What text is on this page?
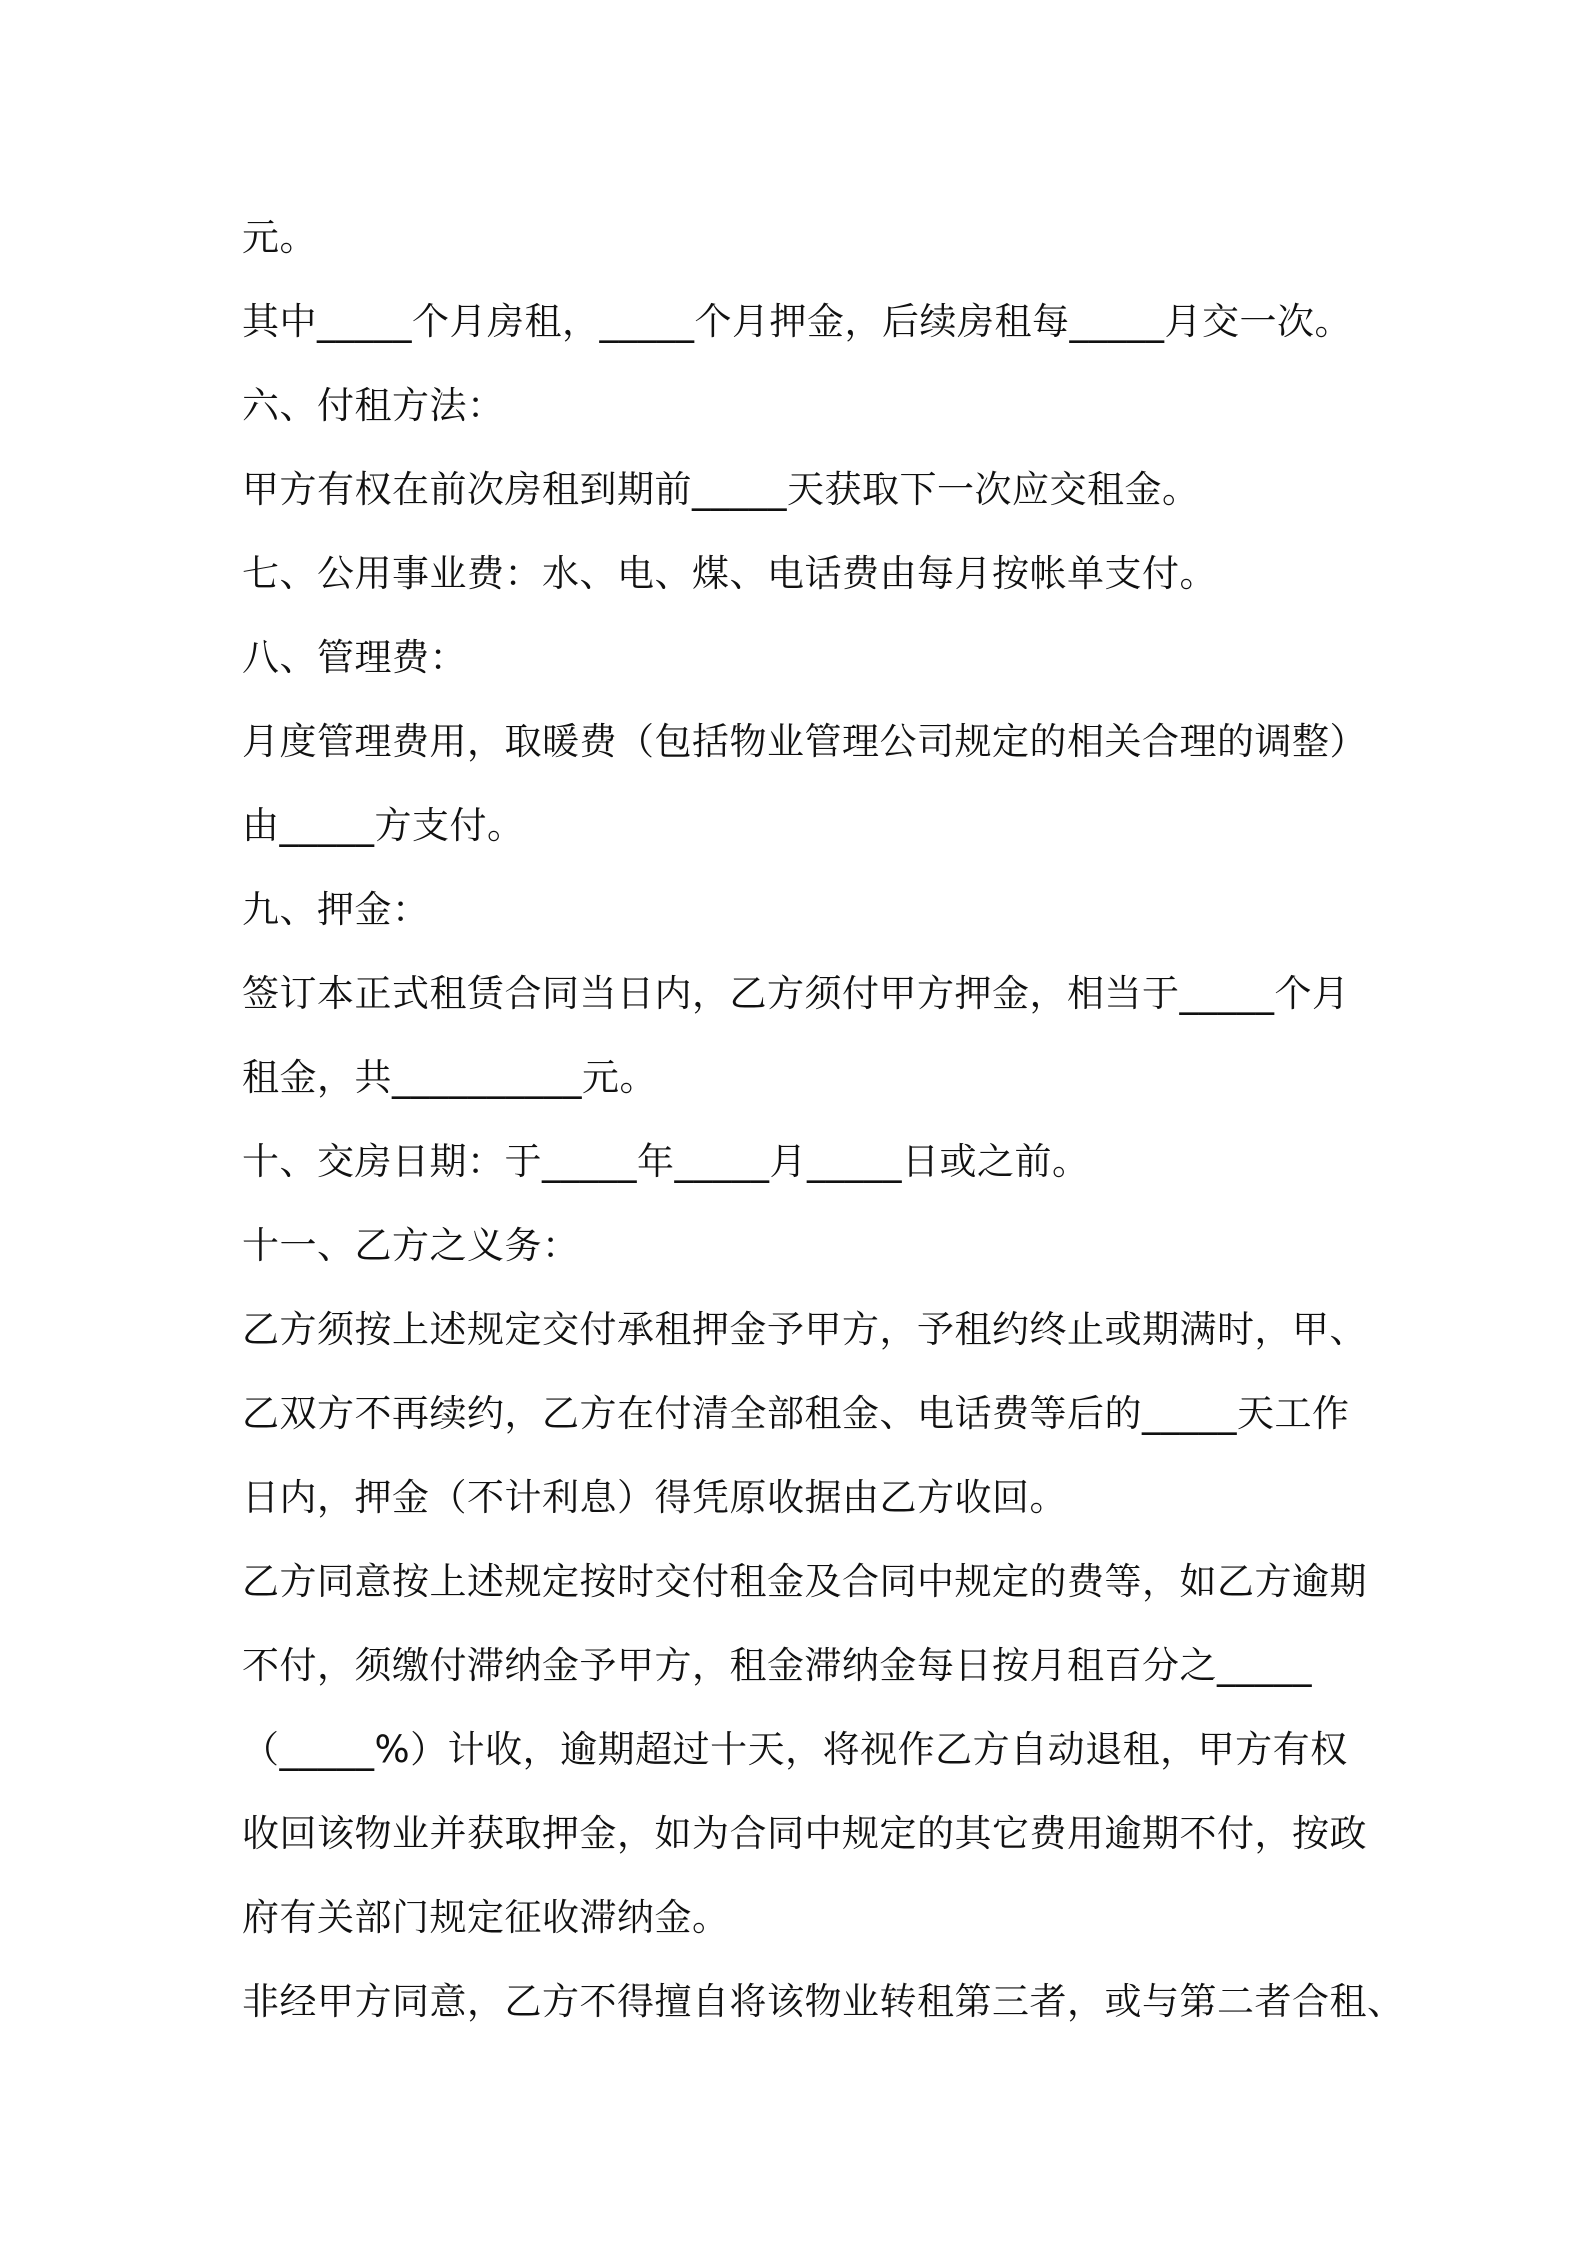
元。
其中_____个月房租，_____个月押金，后续房租每_____月交一次。
六、付租方法：
甲方有权在前次房租到期前_____天获取下一次应交租金。
七、公用事业费：水、电、煤、电话费由每月按帐单支付。
八、管理费：
月度管理费用，取暖费（包括物业管理公司规定的相关合理的调整）
由_____方支付。
九、押金：
签订本正式租赁合同当日内，乙方须付甲方押金，相当于_____个月
租金，共__________元。
十、交房日期：于_____年_____月_____日或之前。
十一、乙方之义务：
乙方须按上述规定交付承租押金予甲方，予租约终止或期满时，甲、
乙双方不再续约，乙方在付清全部租金、电话费等后的_____天工作
日内，押金（不计利息）得凭原收据由乙方收回。
乙方同意按上述规定按时交付租金及合同中规定的费等，如乙方逾期
不付，须缴付滞纳金予甲方，租金滞纳金每日按月租百分之_____
（_____%）计收，逾期超过十天，将视作乙方自动退租，甲方有权
收回该物业并获取押金，如为合同中规定的其它费用逾期不付，按政
府有关部门规定征收滞纳金。
非经甲方同意，乙方不得擅自将该物业转租第三者，或与第二者合租、
